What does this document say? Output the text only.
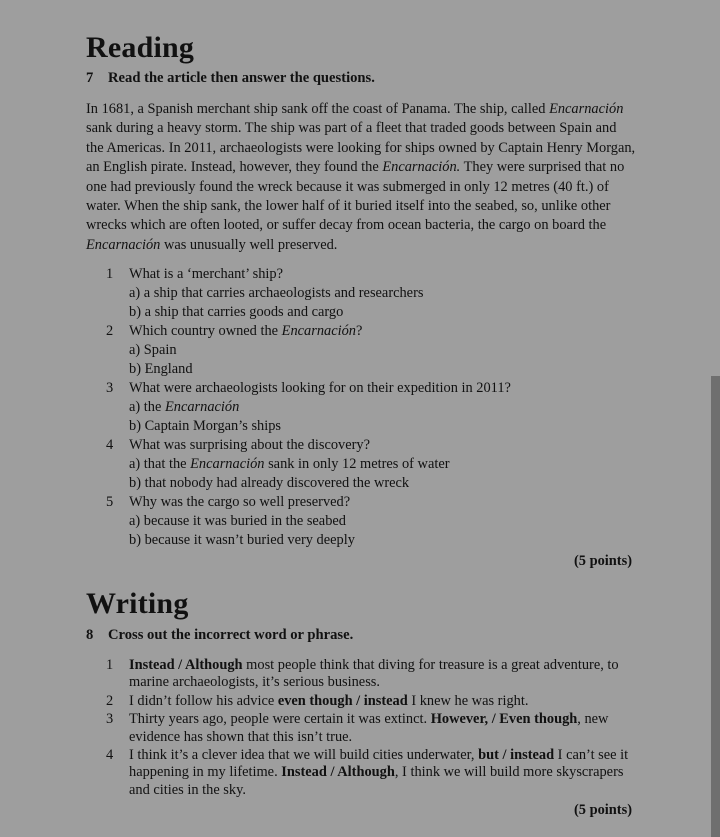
Reading
7 Read the article then answer the questions.

In 1681, a Spanish merchant ship sank off the coast of Panama. The ship, called Encarnación sank during a heavy storm. The ship was part of a fleet that traded goods between Spain and the Americas. In 2011, archaeologists were looking for ships owned by Captain Henry Morgan, an English pirate. Instead, however, they found the Encarnación. They were surprised that no one had previously found the wreck because it was submerged in only 12 metres (40 ft.) of water. When the ship sank, the lower half of it buried itself into the seabed, so, unlike other wrecks which are often looted, or suffer decay from ocean bacteria, the cargo on board the Encarnación was unusually well preserved.

1	What is a ‘merchant’ ship?
a) a ship that carries archaeologists and researchers
b) a ship that carries goods and cargo
2	Which country owned the Encarnación?
a) Spain
b) England
3	What were archaeologists looking for on their expedition in 2011?
a) the Encarnación
b) Captain Morgan’s ships
4	What was surprising about the discovery?
a) that the Encarnación sank in only 12 metres of water
b) that nobody had already discovered the wreck
5	Why was the cargo so well preserved?
a) because it was buried in the seabed
b) because it wasn’t buried very deeply
(5 points)
Writing
8 Cross out the incorrect word or phrase.
1	Instead / Although most people think that diving for treasure is a great adventure, to marine archaeologists, it’s serious business.
2	I didn’t follow his advice even though / instead I knew he was right.
3	Thirty years ago, people were certain it was extinct. However, / Even though, new evidence has shown that this isn’t true.
4	I think it’s a clever idea that we will build cities underwater, but / instead I can’t see it happening in my lifetime. Instead / Although, I think we will build more skyscrapers and cities in the sky.
(5 points)
